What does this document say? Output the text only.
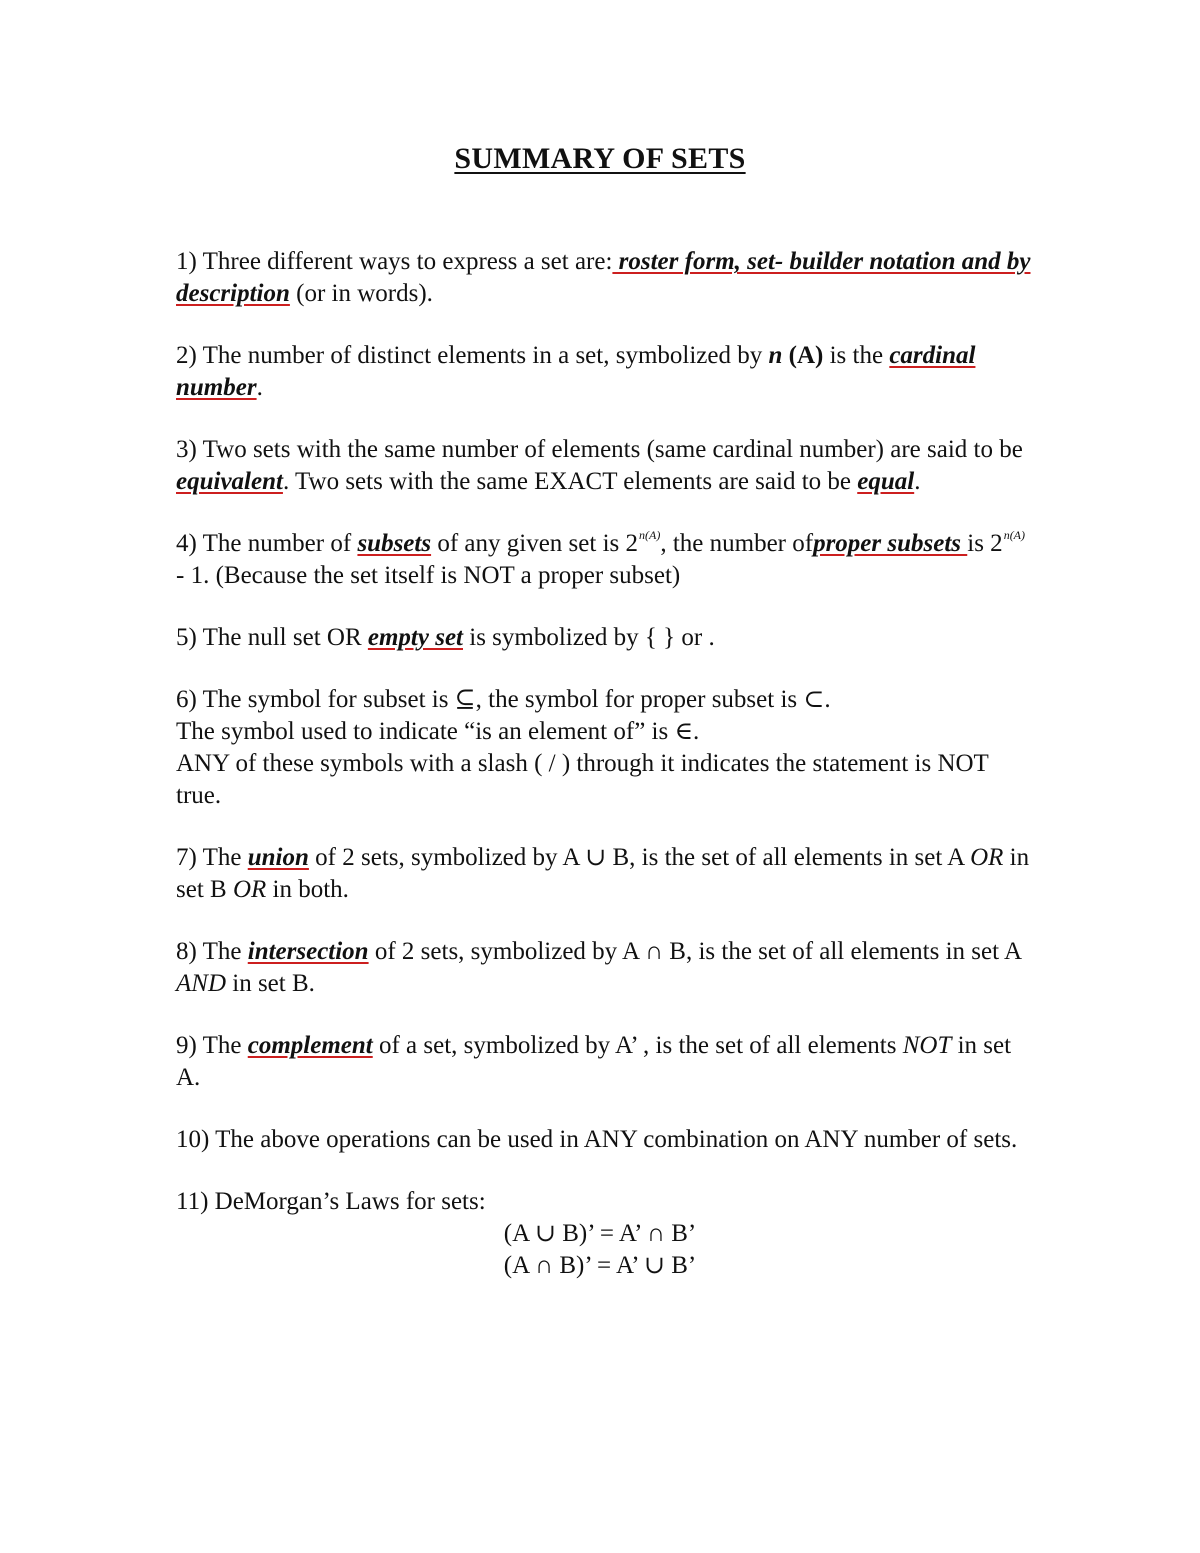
SUMMARY OF SETS

1) Three different ways to express a set are: roster form, set- builder notation and by description (or in words).

2) The number of distinct elements in a set, symbolized by n (A) is the cardinal number.

3) Two sets with the same number of elements (same cardinal number) are said to be equivalent. Two sets with the same EXACT elements are said to be equal.

4) The number of subsets of any given set is $2^{n(A)}$, the number ofproper subsets is $2^{n(A)} - 1$. (Because the set itself is NOT a proper subset)

5) The null set OR empty set is symbolized by { } or .

6) The symbol for subset is ⊆, the symbol for proper subset is ⊂.
The symbol used to indicate “is an element of” is ∈.
ANY of these symbols with a slash ( / ) through it indicates the statement is NOT true.

7) The union of 2 sets, symbolized by A ∪ B, is the set of all elements in set A OR in set B OR in both.

8) The intersection of 2 sets, symbolized by A ∩ B, is the set of all elements in set A AND in set B.

9) The complement of a set, symbolized by A’ , is the set of all elements NOT in set A.

10) The above operations can be used in ANY combination on ANY number of sets.

11) DeMorgan’s Laws for sets:

(A ∪ B)’ = A’ ∩ B’
(A ∩ B)’ = A’ ∪ B’
